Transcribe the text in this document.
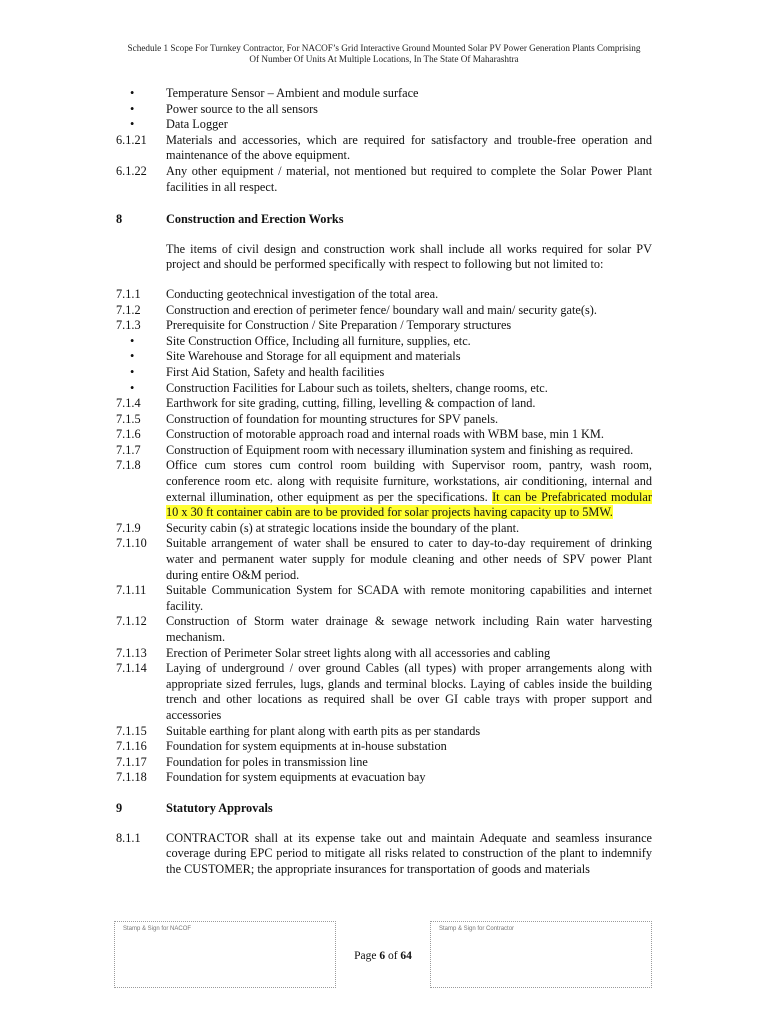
Schedule 1 Scope For Turnkey Contractor, For NACOF’s Grid Interactive Ground Mounted Solar PV Power Generation Plants Comprising
Of Number Of Units At Multiple Locations, In The State Of Maharashtra
•	Temperature Sensor – Ambient and module surface
•	Power source to the all sensors
•	Data Logger
6.1.21	Materials and accessories, which are required for satisfactory and trouble-free operation and maintenance of the above equipment.
6.1.22	Any other equipment / material, not mentioned but required to complete the Solar Power Plant facilities in all respect.
8	Construction and Erection Works
The items of civil design and construction work shall include all works required for solar PV project and should be performed specifically with respect to following but not limited to:
7.1.1	Conducting geotechnical investigation of the total area.
7.1.2	Construction and erection of perimeter fence/ boundary wall and main/ security gate(s).
7.1.3	Prerequisite for Construction / Site Preparation / Temporary structures
•	Site Construction Office, Including all furniture, supplies, etc.
•	Site Warehouse and Storage for all equipment and materials
•	First Aid Station, Safety and health facilities
•	Construction Facilities for Labour such as toilets, shelters, change rooms, etc.
7.1.4	Earthwork for site grading, cutting, filling, levelling & compaction of land.
7.1.5	Construction of foundation for mounting structures for SPV panels.
7.1.6	Construction of motorable approach road and internal roads with WBM base, min 1 KM.
7.1.7	Construction of Equipment room with necessary illumination system and finishing as required.
7.1.8	Office cum stores cum control room building with Supervisor room, pantry, wash room, conference room etc. along with requisite furniture, workstations, air conditioning, internal and external illumination, other equipment as per the specifications. It can be Prefabricated modular 10 x 30 ft container cabin are to be provided for solar projects having capacity up to 5MW.
7.1.9	Security cabin (s) at strategic locations inside the boundary of the plant.
7.1.10	Suitable arrangement of water shall be ensured to cater to day-to-day requirement of drinking water and permanent water supply for module cleaning and other needs of SPV power Plant during entire O&M period.
7.1.11	Suitable Communication System for SCADA with remote monitoring capabilities and internet facility.
7.1.12	Construction of Storm water drainage & sewage network including Rain water harvesting mechanism.
7.1.13	Erection of Perimeter Solar street lights along with all accessories and cabling
7.1.14	Laying of underground / over ground Cables (all types) with proper arrangements along with appropriate sized ferrules, lugs, glands and terminal blocks. Laying of cables inside the building trench and other locations as required shall be over GI cable trays with proper support and accessories
7.1.15	Suitable earthing for plant along with earth pits as per standards
7.1.16	Foundation for system equipments at in-house substation
7.1.17	Foundation for poles in transmission line
7.1.18	Foundation for system equipments at evacuation bay
9	Statutory Approvals
8.1.1	CONTRACTOR shall at its expense take out and maintain Adequate and seamless insurance coverage during EPC period to mitigate all risks related to construction of the plant to indemnify the CUSTOMER; the appropriate insurances for transportation of goods and materials
Stamp & Sign for NACOF	Stamp & Sign for Contractor
Page 6 of 64
